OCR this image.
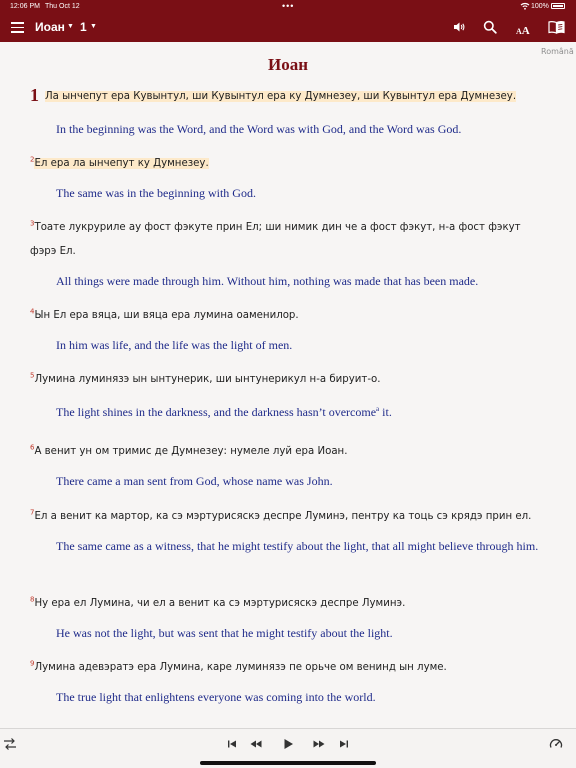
12:06 PM Thu Oct 12	•••	100%
Иоан ▼ 1 ▼
AA
Română
Иоан
1 Ла ынчепут ера Кувынтул, ши Кувынтул ера ку Думнезеу, ши Кувынтул ера Думнезеу.
In the beginning was the Word, and the Word was with God, and the Word was God.
$^2$Ел ера ла ынчепут ку Думнезеу.
The same was in the beginning with God.
$^3$Тоате лукруриле ау фост фэкуте прин Ел; ши нимик дин че а фост фэкут, н-а фост фэкут фэрэ Ел.
All things were made through him. Without him, nothing was made that has been made.
$^4$Ын Ел ера вяца, ши вяца ера лумина оаменилор.
In him was life, and the life was the light of men.
$^5$Лумина луминязэ ын ынтунерик, ши ынтунерикул н-а бируит-о.
The light shines in the darkness, and the darkness hasn’t overcome$^a$ it.
$^6$А венит ун ом тримис де Думнезеу: нумеле луй ера Иоан.
There came a man sent from God, whose name was John.
$^7$Ел а венит ка мартор, ка сэ мэртурисяскэ деспре Луминэ, пентру ка тоць сэ крядэ прин ел.
The same came as a witness, that he might testify about the light, that all might believe through him.
$^8$Ну ера ел Лумина, чи ел а венит ка сэ мэртурисяскэ деспре Луминэ.
He was not the light, but was sent that he might testify about the light.
$^9$Лумина адевэратэ ера Лумина, каре луминязэ пе орьче ом венинд ын луме.
The true light that enlightens everyone was coming into the world.
